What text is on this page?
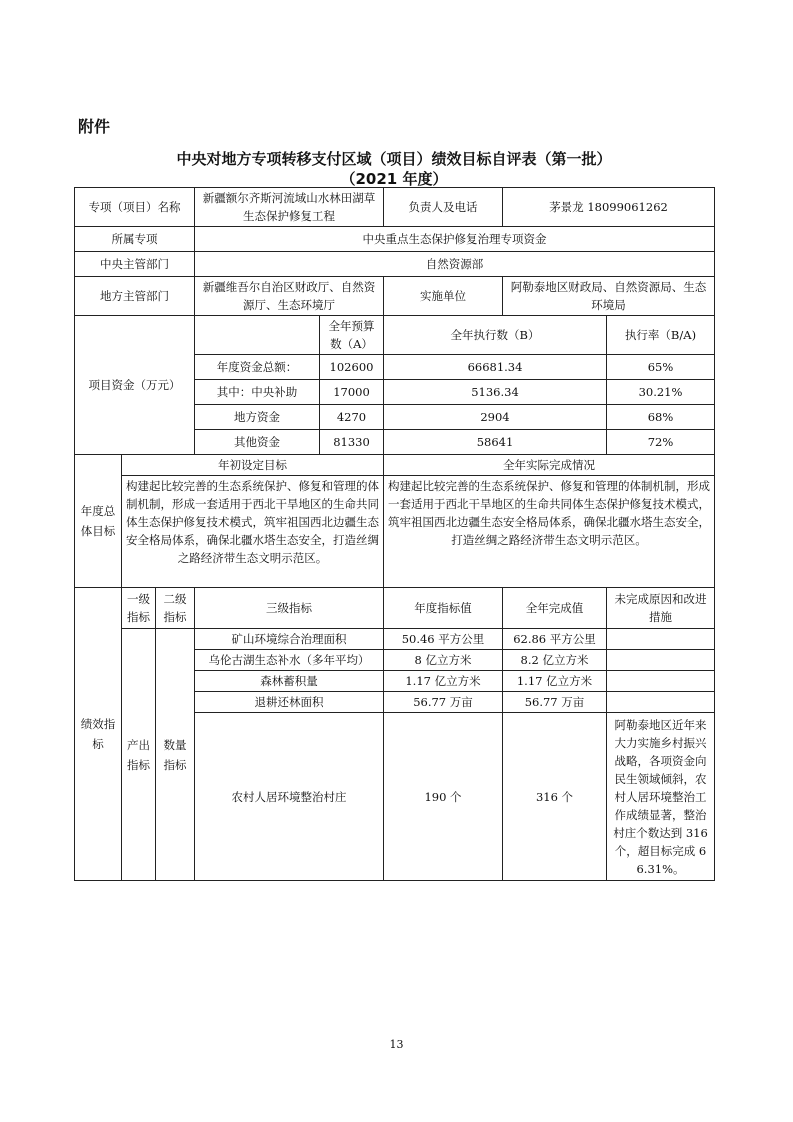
附件
中央对地方专项转移支付区域（项目）绩效目标自评表（第一批）
（2021 年度）
专项（项目）名称			新疆额尔齐斯河流域山水林田湖草生态保护修复工程		负责人及电话	茅景龙 18099061262	
所属专项			中央重点生态保护修复治理专项资金				
中央主管部门			自然资源部				
地方主管部门			新疆维吾尔自治区财政厅、自然资源厅、生态环境厅		实施单位	阿勒泰地区财政局、自然资源局、生态环境局	
项目资金（万元）				全年预算数（A）	全年执行数（B）		执行率（B/A)
			年度资金总额：	102600	66681.34		65%
			其中：中央补助	17000	5136.34		30.21%
			地方资金	4270	2904		68%
			其他资金	81330	58641		72%
年度总体目标	年初设定目标				全年实际完成情况		
	构建起比较完善的生态系统保护、修复和管理的体制机制，形成一套适用于西北干旱地区的生命共同体生态保护修复技术模式，筑牢祖国西北边疆生态安全格局体系，确保北疆水塔生态安全，打造丝绸之路经济带生态文明示范区。				构建起比较完善的生态系统保护、修复和管理的体制机制，形成一套适用于西北干旱地区的生命共同体生态保护修复技术模式，筑牢祖国西北边疆生态安全格局体系，确保北疆水塔生态安全，打造丝绸之路经济带生态文明示范区。		
绩效指标	一级指标	二级指标	三级指标		年度指标值	全年完成值	未完成原因和改进措施
	产出指标	数量指标	矿山环境综合治理面积		50.46 平方公里	62.86 平方公里	
			乌伦古湖生态补水（多年平均）		8 亿立方米	8.2 亿立方米	
			森林蓄积量		1.17 亿立方米	1.17 亿立方米	
			退耕还林面积		56.77 万亩	56.77 万亩	
			农村人居环境整治村庄		190 个	316 个	阿勒泰地区近年来大力实施乡村振兴战略，各项资金向民生领域倾斜，农村人居环境整治工作成绩显著，整治村庄个数达到 316 个，超目标完成 66.31%。
13
